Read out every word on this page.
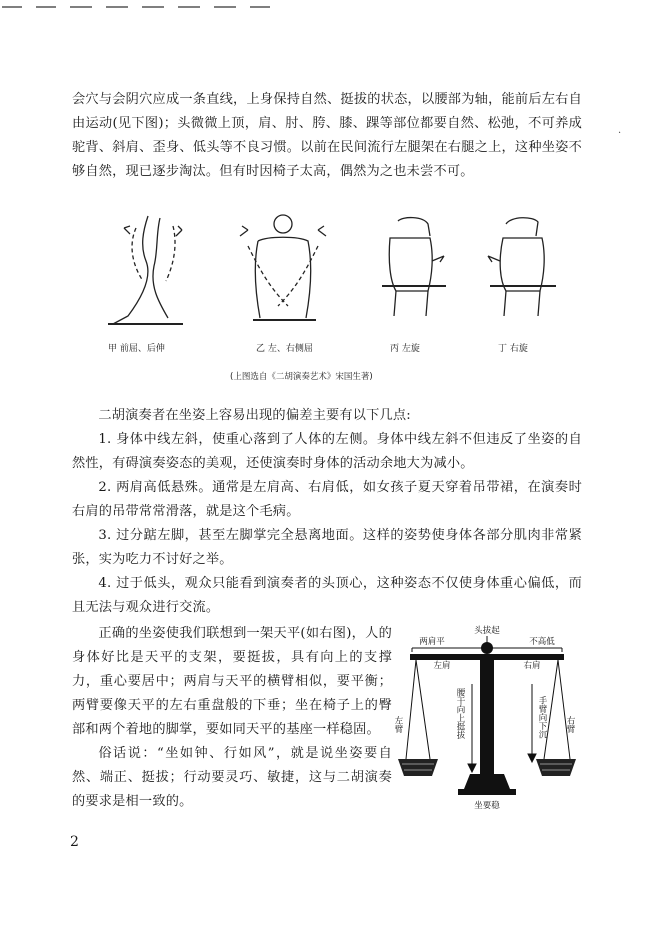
会穴与会阴穴应成一条直线，上身保持自然、挺拔的状态，以腰部为轴，能前后左右自由运动(见下图)；头微微上顶，肩、肘、胯、膝、踝等部位都要自然、松弛，不可养成驼背、斜肩、歪身、低头等不良习惯。以前在民间流行左腿架在右腿之上，这种坐姿不够自然，现已逐步淘汰。但有时因椅子太高，偶然为之也未尝不可。

甲 前屈、后伸	乙 左、右侧屈	丙 左旋	丁 右旋
(上图选自《二胡演奏艺术》宋国生著)

二胡演奏者在坐姿上容易出现的偏差主要有以下几点:

1. 身体中线左斜，使重心落到了人体的左侧。身体中线左斜不但违反了坐姿的自然性，有碍演奏姿态的美观，还使演奏时身体的活动余地大为减小。

2. 两肩高低悬殊。通常是左肩高、右肩低，如女孩子夏天穿着吊带裙，在演奏时右肩的吊带常常滑落，就是这个毛病。

3. 过分踮左脚，甚至左脚掌完全悬离地面。这样的姿势使身体各部分肌肉非常紧张，实为吃力不讨好之举。

4. 过于低头，观众只能看到演奏者的头顶心，这种姿态不仅使身体重心偏低，而且无法与观众进行交流。

正确的坐姿使我们联想到一架天平(如右图)，人的身体好比是天平的支架，要挺拔，具有向上的支撑力，重心要居中；两肩与天平的横臂相似，要平衡；两臂要像天平的左右重盘般的下垂；坐在椅子上的臀部和两个着地的脚掌，要如同天平的基座一样稳固。

俗话说：“坐如钟、行如风”，就是说坐姿要自然、端正、挺拔；行动要灵巧、敏捷，这与二胡演奏的要求是相一致的。

头拔起
两肩平	不高低
左肩	右肩
左臂	右臂
手臂向下沉
腰干向上挺拔
坐要稳
2
·
